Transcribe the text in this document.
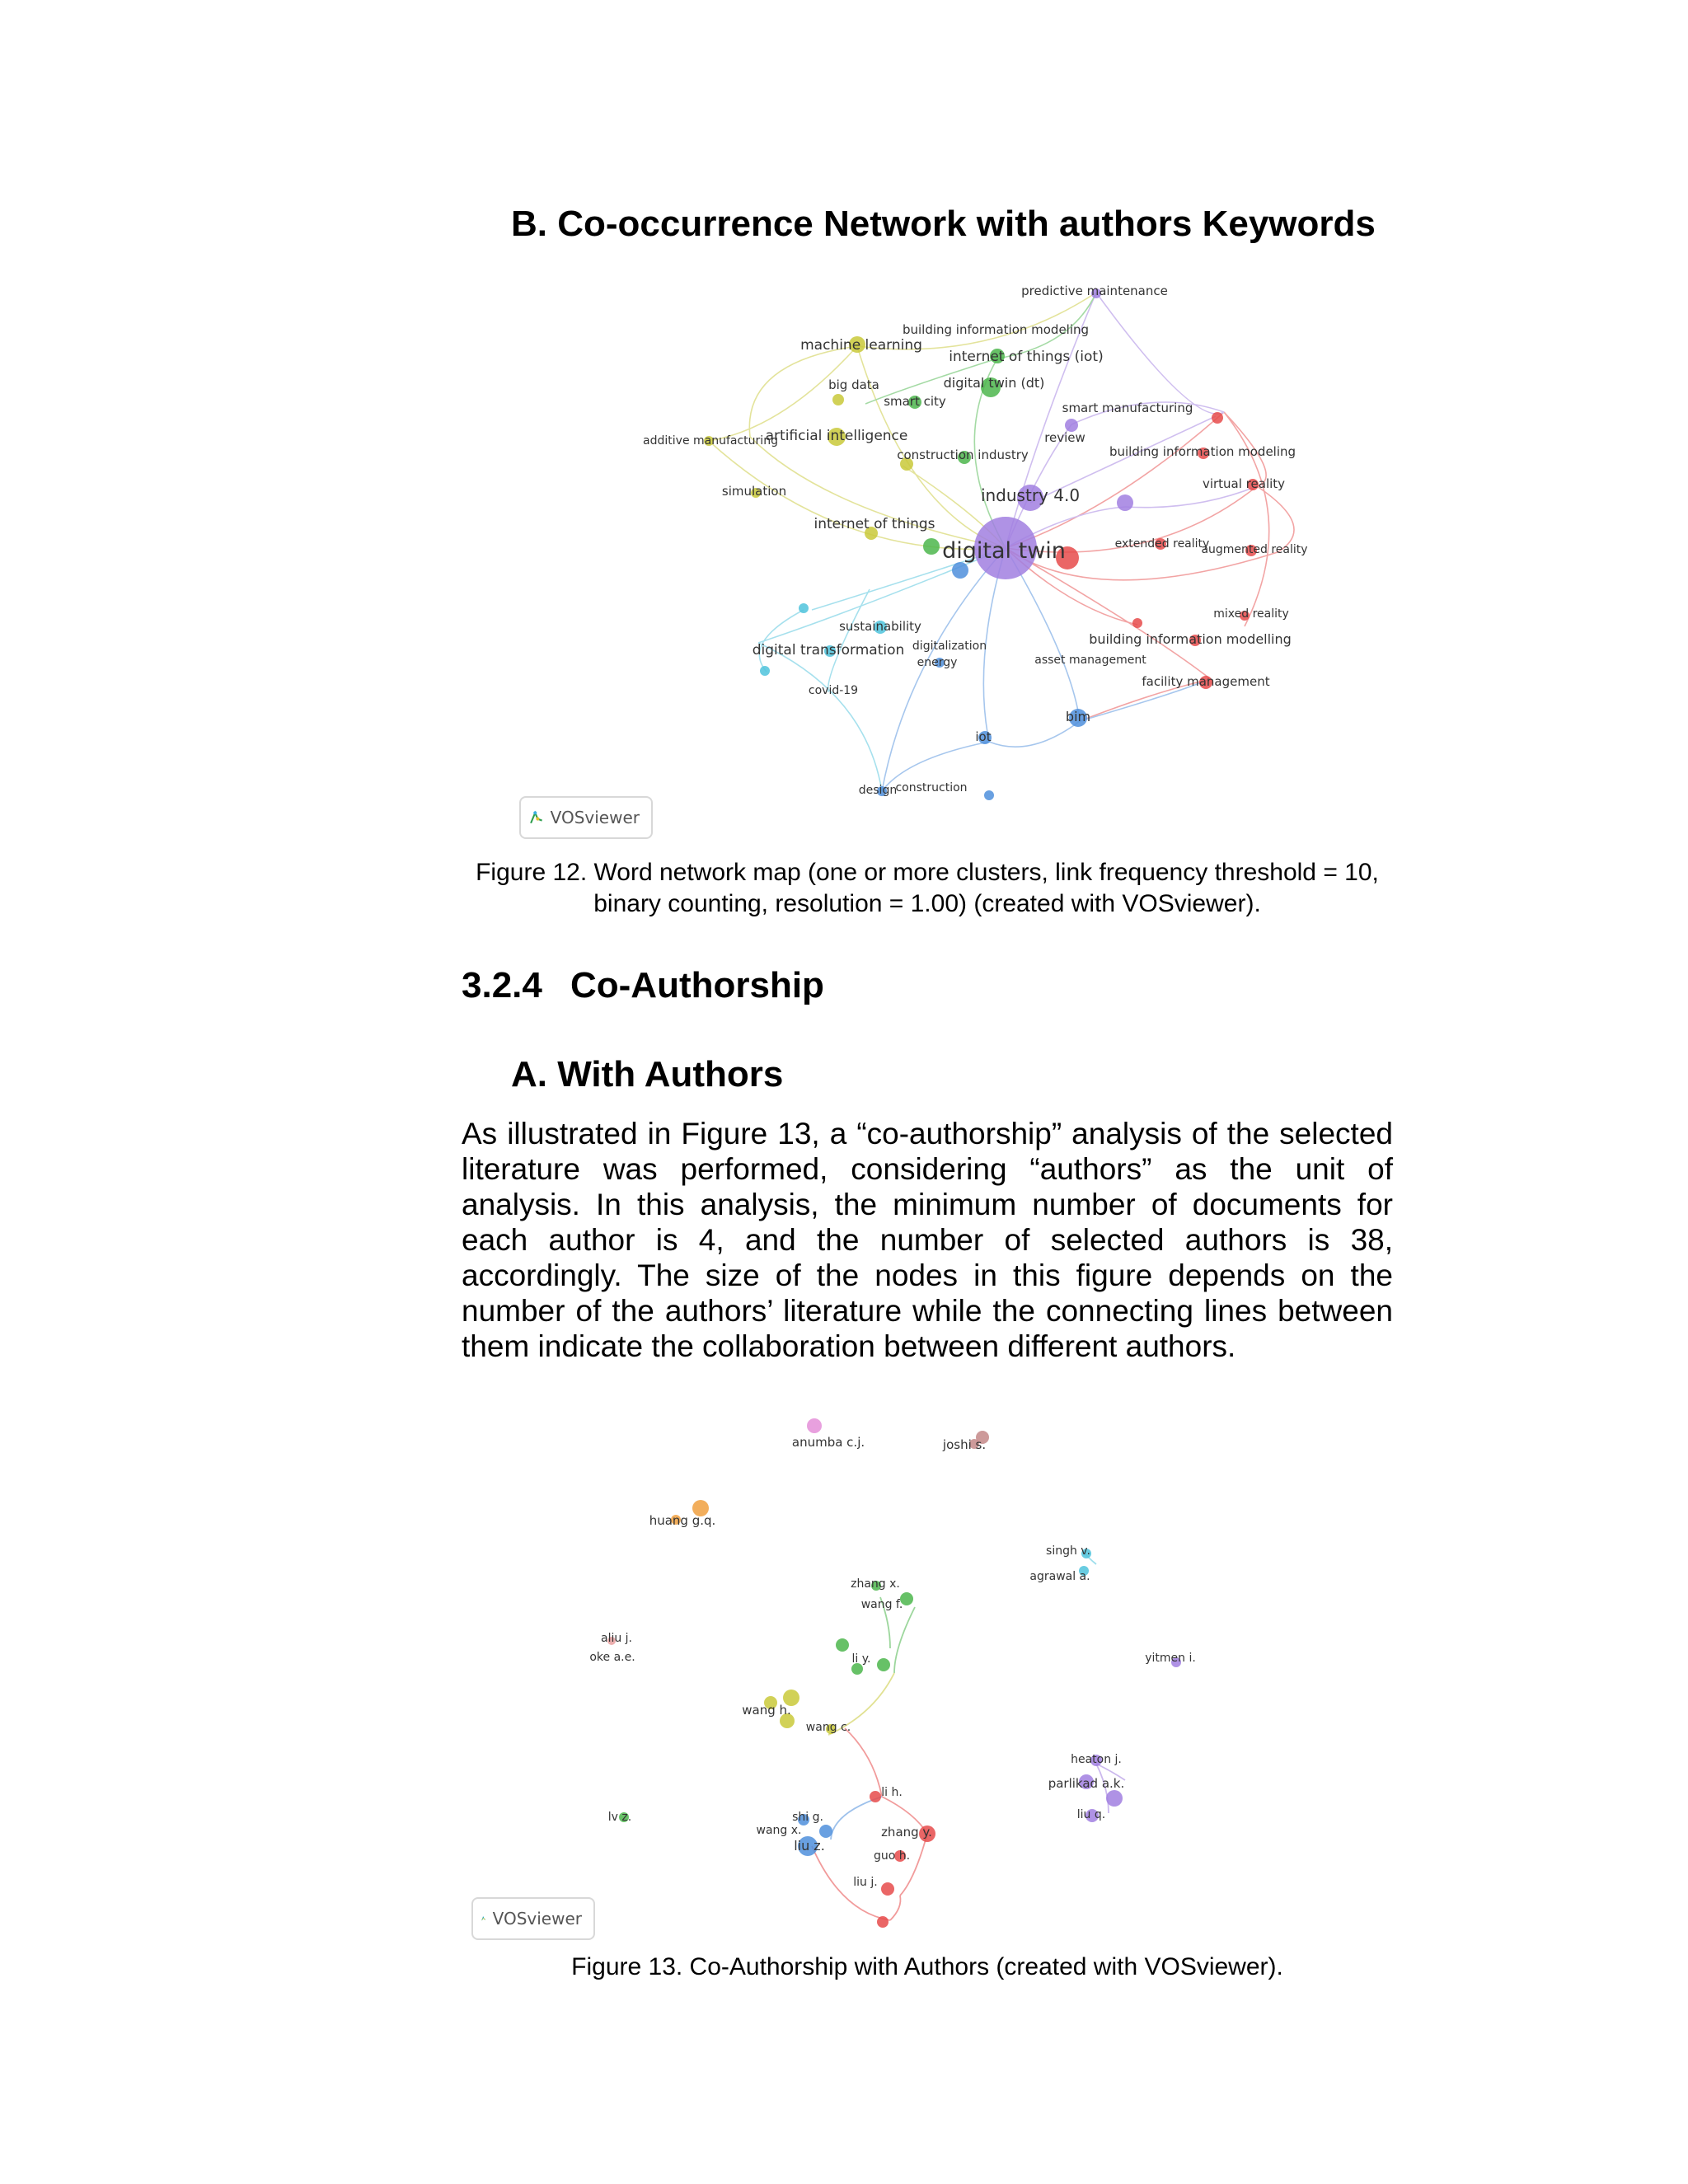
B. Co-occurrence Network with authors Keywords
predictive maintenance
building information modeling
machine learning
internet of things (iot)
big data	digital twin (dt)
smart city	smart manufacturing
additive manufacturing
artificial intelligence	review
construction industry	building information modeling
simulation	virtual reality
industry 4.0
internet of things
digital twin	extended reality
augmented reality
mixed reality
sustainability
building information modelling
digitalization
digital transformation
asset management
energy
facility management
covid-19
bim
iot
design
construction
VOSviewer

Figure 12. Word network map (one or more clusters, link frequency threshold = 10, binary counting, resolution = 1.00) (created with VOSviewer).

3.2.4 Co-Authorship
A. With Authors

As illustrated in Figure 13, a “co-authorship” analysis of the selected literature was performed, considering “authors” as the unit of analysis. In this analysis, the minimum number of documents for each author is 4, and the number of selected authors is 38, accordingly. The size of the nodes in this figure depends on the number of the authors’ literature while the connecting lines between them indicate the collaboration between different authors.

anumba c.j.	joshi s.
huang g.q.
singh v.
agrawal a.
zhang x.
wang f.
aliu j.
oke a.e.	li y.	yitmen i.
wang h.
wang c.
heaton j.
li h.
parlikad a.k.
liu q.
lv z.	shi g.
zhang y.
wang x.
liu z.
guo h.
liu j.
VOSviewer

Figure 13. Co-Authorship with Authors (created with VOSviewer).
